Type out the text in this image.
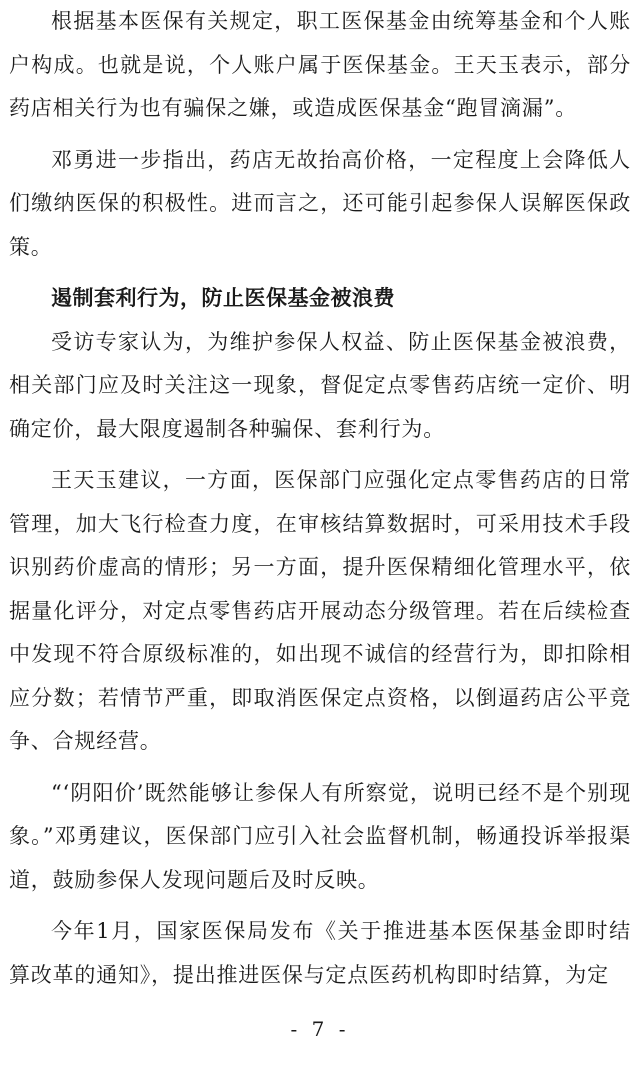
根据基本医保有关规定，职工医保基金由统筹基金和个人账户构成。也就是说，个人账户属于医保基金。王天玉表示，部分药店相关行为也有骗保之嫌，或造成医保基金“跑冒滴漏”。

邓勇进一步指出，药店无故抬高价格，一定程度上会降低人们缴纳医保的积极性。进而言之，还可能引起参保人误解医保政策。

遏制套利行为，防止医保基金被浪费

受访专家认为，为维护参保人权益、防止医保基金被浪费，相关部门应及时关注这一现象，督促定点零售药店统一定价、明确定价，最大限度遏制各种骗保、套利行为。

王天玉建议，一方面，医保部门应强化定点零售药店的日常管理，加大飞行检查力度，在审核结算数据时，可采用技术手段识别药价虚高的情形；另一方面，提升医保精细化管理水平，依据量化评分，对定点零售药店开展动态分级管理。若在后续检查中发现不符合原级标准的，如出现不诚信的经营行为，即扣除相应分数；若情节严重，即取消医保定点资格，以倒逼药店公平竞争、合规经营。

“‘阴阳价’既然能够让参保人有所察觉，说明已经不是个别现象。”邓勇建议，医保部门应引入社会监督机制，畅通投诉举报渠道，鼓励参保人发现问题后及时反映。

今年1月，国家医保局发布《关于推进基本医保基金即时结算改革的通知》，提出推进医保与定点医药机构即时结算，为定

- 7 -
